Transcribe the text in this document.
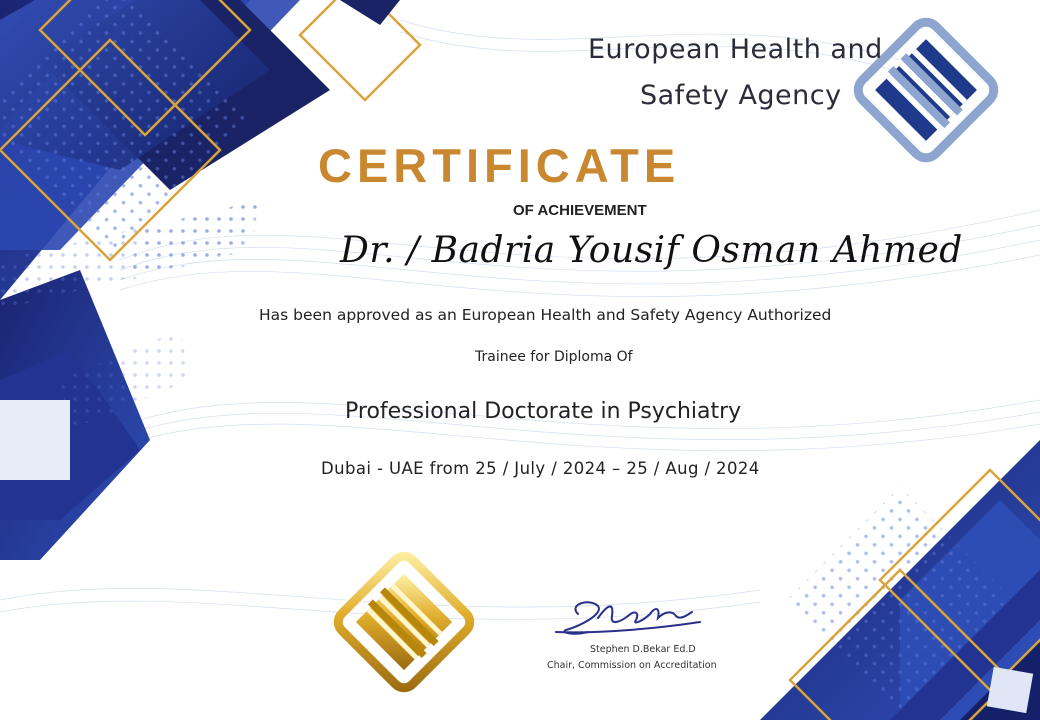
European Health and
Safety Agency
CERTIFICATE
OF ACHIEVEMENT
Dr. / Badria Yousif Osman Ahmed
Has been approved as an European Health and Safety Agency Authorized
Trainee for Diploma Of
Professional Doctorate in Psychiatry
Dubai - UAE from 25 / July / 2024 – 25 / Aug / 2024
Stephen D.Bekar Ed.D
Chair, Commission on Accreditation
